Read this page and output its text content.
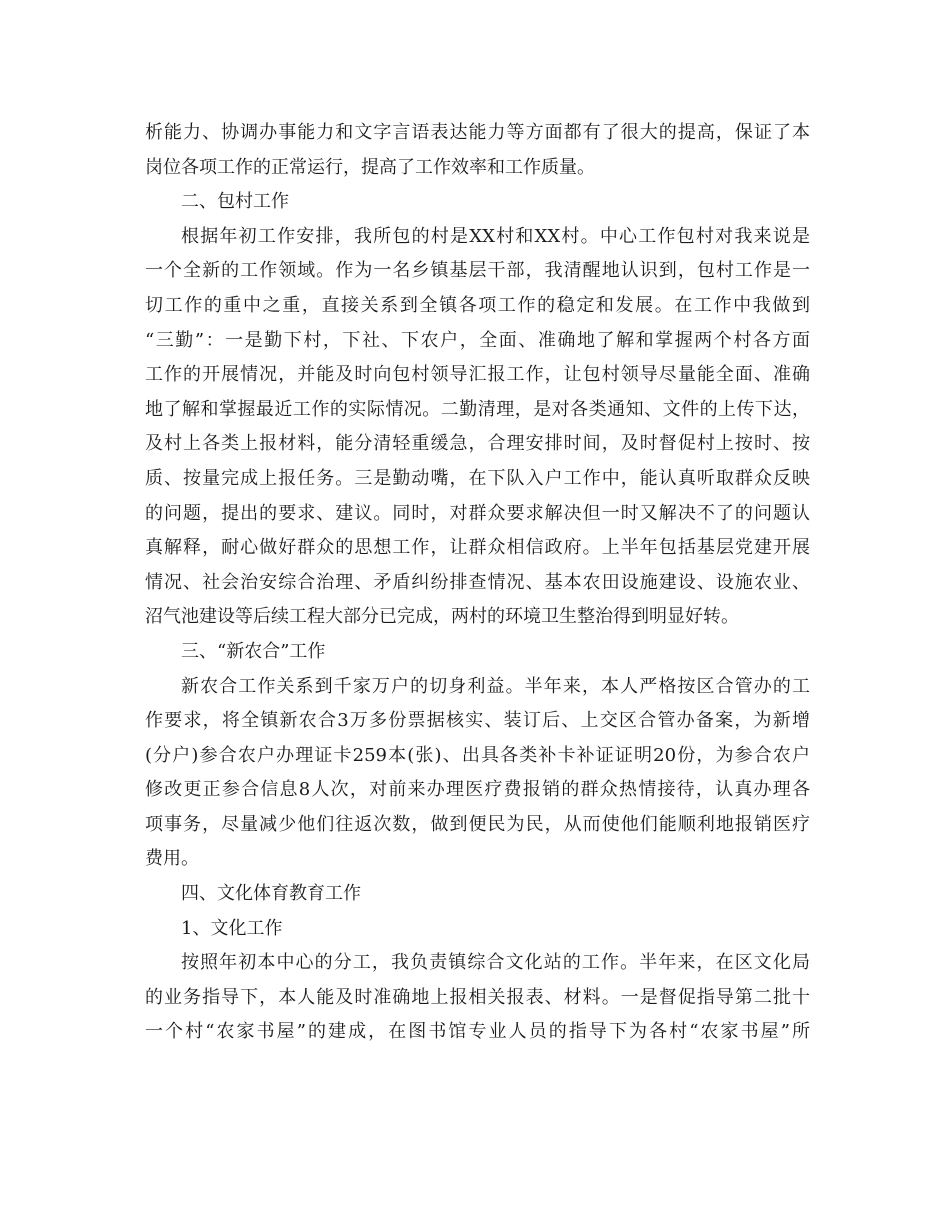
析能力、协调办事能力和文字言语表达能力等方面都有了很大的提高，保证了本
岗位各项工作的正常运行，提高了工作效率和工作质量。
二、包村工作
根据年初工作安排，我所包的村是XX村和XX村。中心工作包村对我来说是
一个全新的工作领域。作为一名乡镇基层干部，我清醒地认识到，包村工作是一
切工作的重中之重，直接关系到全镇各项工作的稳定和发展。在工作中我做到
“三勤”：一是勤下村，下社、下农户，全面、准确地了解和掌握两个村各方面
工作的开展情况，并能及时向包村领导汇报工作，让包村领导尽量能全面、准确
地了解和掌握最近工作的实际情况。二勤清理，是对各类通知、文件的上传下达，
及村上各类上报材料，能分清轻重缓急，合理安排时间，及时督促村上按时、按
质、按量完成上报任务。三是勤动嘴，在下队入户工作中，能认真听取群众反映
的问题，提出的要求、建议。同时，对群众要求解决但一时又解决不了的问题认
真解释，耐心做好群众的思想工作，让群众相信政府。上半年包括基层党建开展
情况、社会治安综合治理、矛盾纠纷排查情况、基本农田设施建设、设施农业、
沼气池建设等后续工程大部分已完成，两村的环境卫生整治得到明显好转。
三、“新农合”工作
新农合工作关系到千家万户的切身利益。半年来，本人严格按区合管办的工
作要求，将全镇新农合3万多份票据核实、装订后、上交区合管办备案，为新增
(分户)参合农户办理证卡259本(张)、出具各类补卡补证证明20份，为参合农户
修改更正参合信息8人次，对前来办理医疗费报销的群众热情接待，认真办理各
项事务，尽量减少他们往返次数，做到便民为民，从而使他们能顺利地报销医疗
费用。
四、文化体育教育工作
1、文化工作
按照年初本中心的分工，我负责镇综合文化站的工作。半年来，在区文化局
的业务指导下，本人能及时准确地上报相关报表、材料。一是督促指导第二批十
一个村“农家书屋”的建成，在图书馆专业人员的指导下为各村“农家书屋”所
